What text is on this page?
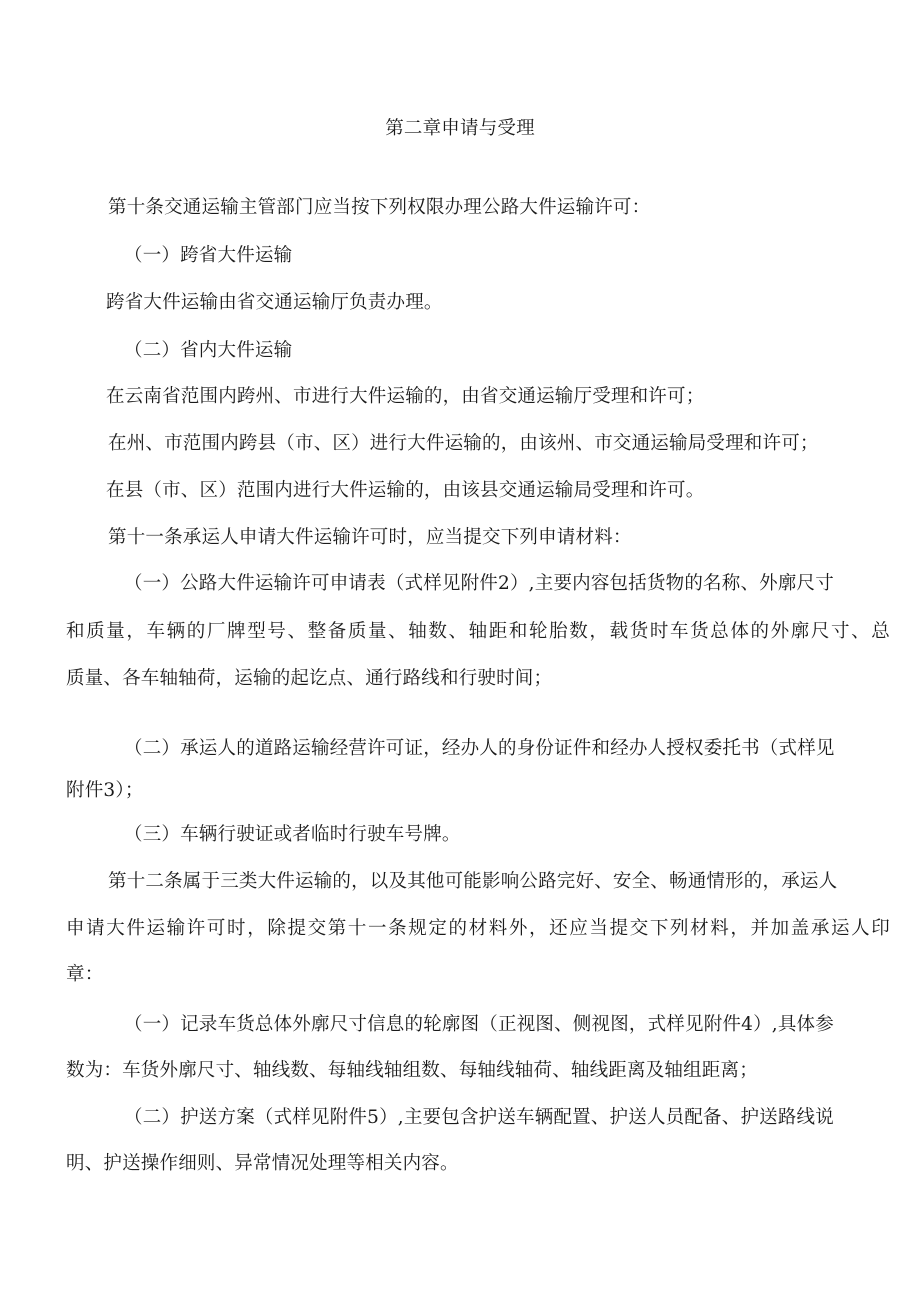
第二章申请与受理
第十条交通运输主管部门应当按下列权限办理公路大件运输许可：
（一）跨省大件运输
跨省大件运输由省交通运输厅负责办理。
（二）省内大件运输
在云南省范围内跨州、市进行大件运输的，由省交通运输厅受理和许可；
在州、市范围内跨县（市、区）进行大件运输的，由该州、市交通运输局受理和许可；
在县（市、区）范围内进行大件运输的，由该县交通运输局受理和许可。
第十一条承运人申请大件运输许可时，应当提交下列申请材料：
（一）公路大件运输许可申请表（式样见附件2）,主要内容包括货物的名称、外廓尺寸
和质量，车辆的厂牌型号、整备质量、轴数、轴距和轮胎数，载货时车货总体的外廓尺寸、总
质量、各车轴轴荷，运输的起讫点、通行路线和行驶时间；
（二）承运人的道路运输经营许可证，经办人的身份证件和经办人授权委托书（式样见
附件3）；
（三）车辆行驶证或者临时行驶车号牌。
第十二条属于三类大件运输的，以及其他可能影响公路完好、安全、畅通情形的，承运人
申请大件运输许可时，除提交第十一条规定的材料外，还应当提交下列材料，并加盖承运人印
章：
（一）记录车货总体外廓尺寸信息的轮廓图（正视图、侧视图，式样见附件4）,具体参
数为：车货外廓尺寸、轴线数、每轴线轴组数、每轴线轴荷、轴线距离及轴组距离；
（二）护送方案（式样见附件5）,主要包含护送车辆配置、护送人员配备、护送路线说
明、护送操作细则、异常情况处理等相关内容。
